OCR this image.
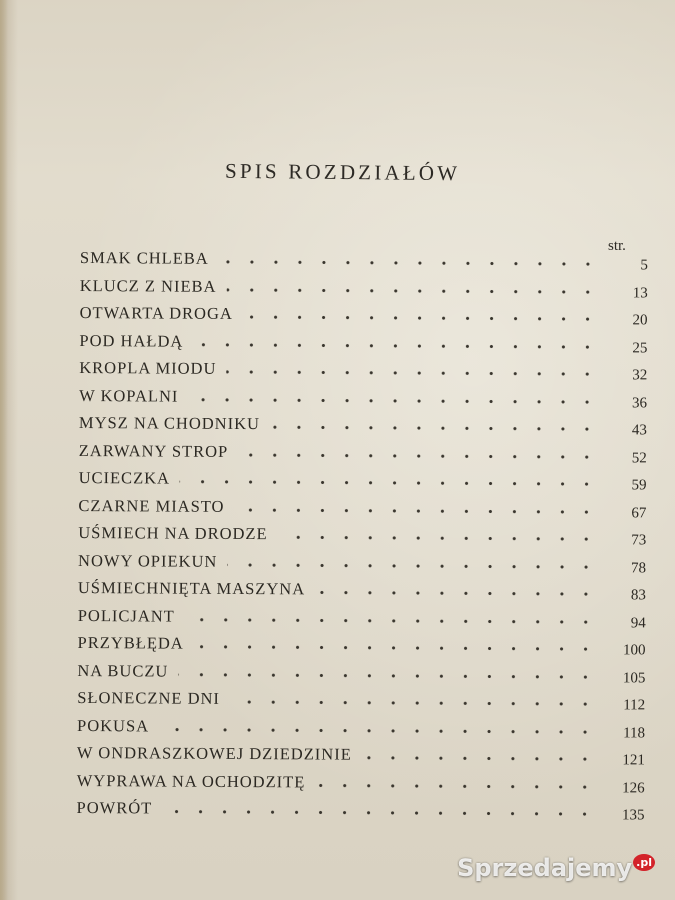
SPIS ROZDZIAŁÓW
str.
SMAK CHLEBA	5
KLUCZ Z NIEBA	13
OTWARTA DROGA	20
POD HAŁDĄ	25
KROPLA MIODU	32
W KOPALNI	36
MYSZ NA CHODNIKU	43
ZARWANY STROP	52
UCIECZKA	59
CZARNE MIASTO	67
UŚMIECH NA DRODZE	73
NOWY OPIEKUN	78
UŚMIECHNIĘTA MASZYNA	83
POLICJANT	94
PRZYBŁĘDA	100
NA BUCZU	105
SŁONECZNE DNI	112
POKUSA	118
W ONDRASZKOWEJ DZIEDZINIE	121
WYPRAWA NA OCHODZITĘ	126
POWRÓT	135
Sprzedajemy .pl
